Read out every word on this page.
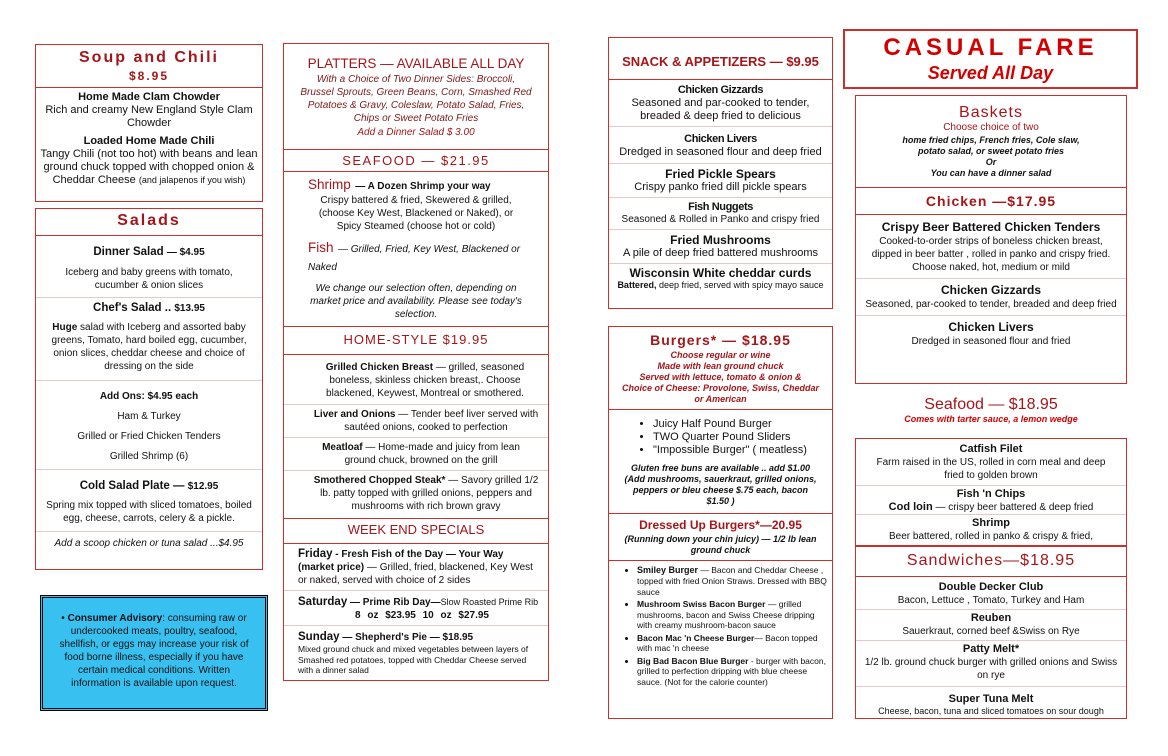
Soup and Chili
$8.95
Home Made Clam Chowder
Rich and creamy New England Style Clam Chowder
Loaded Home Made Chili
Tangy Chili (not too hot) with beans and lean ground chuck topped with chopped onion & Cheddar Cheese (and jalapenos if you wish)
Salads
Dinner Salad — $4.95
Iceberg and baby greens with tomato, cucumber & onion slices
Chef's Salad .. $13.95
Huge salad with Iceberg and assorted baby greens, Tomato, hard boiled egg, cucumber, onion slices, cheddar cheese and choice of dressing on the side
Add Ons: $4.95 each
Ham & Turkey
Grilled or Fried Chicken Tenders
Grilled Shrimp (6)
Cold Salad Plate — $12.95
Spring mix topped with sliced tomatoes, boiled egg, cheese, carrots, celery & a pickle.
Add a scoop chicken or tuna salad ...$4.95
• Consumer Advisory: consuming raw or undercooked meats, poultry, seafood, shellfish, or eggs may increase your risk of food borne illness, especially if you have certain medical conditions. Written information is available upon request.
PLATTERS — AVAILABLE ALL DAY
With a Choice of Two Dinner Sides: Broccoli, Brussel Sprouts, Green Beans, Corn, Smashed Red Potatoes & Gravy, Coleslaw, Potato Salad, Fries, Chips or Sweet Potato Fries
Add a Dinner Salad $ 3.00
SEAFOOD — $21.95
Shrimp — A Dozen Shrimp your way
Crispy battered & fried, Skewered & grilled, (choose Key West, Blackened or Naked), or Spicy Steamed (choose hot or cold)
Fish — Grilled, Fried, Key West, Blackened or Naked
We change our selection often, depending on market price and availability. Please see today's selection.
HOME-STYLE $19.95
Grilled Chicken Breast — grilled, seasoned boneless, skinless chicken breast,. Choose blackened, Keywest, Montreal or smothered.
Liver and Onions — Tender beef liver served with sautéed onions, cooked to perfection
Meatloaf — Home-made and juicy from lean ground chuck, browned on the grill
Smothered Chopped Steak* — Savory grilled 1/2 lb. patty topped with grilled onions, peppers and mushrooms with rich brown gravy
WEEK END SPECIALS
Friday - Fresh Fish of the Day — Your Way (market price) — Grilled, fried, blackened, Key West or naked, served with choice of 2 sides
Saturday — Prime Rib Day—Slow Roasted Prime Rib
8 oz $23.95 10 oz $27.95
Sunday — Shepherd's Pie — $18.95
Mixed ground chuck and mixed vegetables between layers of Smashed red potatoes, topped with Cheddar Cheese served with a dinner salad
SNACK & APPETIZERS — $9.95
Chicken Gizzards
Seasoned and par-cooked to tender, breaded & deep fried to delicious
Chicken Livers
Dredged in seasoned flour and deep fried
Fried Pickle Spears
Crispy panko fried dill pickle spears
Fish Nuggets
Seasoned & Rolled in Panko and crispy fried
Fried Mushrooms
A pile of deep fried battered mushrooms
Wisconsin White cheddar curds
Battered, deep fried, served with spicy mayo sauce
Burgers* — $18.95
Choose regular or wine
Made with lean ground chuck
Served with lettuce, tomato & onion &
Choice of Cheese: Provolone, Swiss, Cheddar or American
• Juicy Half Pound Burger
• TWO Quarter Pound Sliders
• "Impossible Burger" ( meatless)
Gluten free buns are available .. add $1.00 (Add mushrooms, sauerkraut, grilled onions, peppers or bleu cheese $.75 each, bacon $1.50 )
Dressed Up Burgers*—20.95
(Running down your chin juicy) — 1/2 lb lean ground chuck
• Smiley Burger — Bacon and Cheddar Cheese , topped with fried Onion Straws. Dressed with BBQ sauce
• Mushroom Swiss Bacon Burger — grilled mushrooms, bacon and Swiss Cheese dripping with creamy mushroom-bacon sauce
• Bacon Mac 'n Cheese Burger— Bacon topped with mac 'n cheese
• Big Bad Bacon Blue Burger - burger with bacon, grilled to perfection dripping with blue cheese sauce. (Not for the calorie counter)
CASUAL FARE
Served All Day
Baskets
Choose choice of two
home fried chips, French fries, Cole slaw, potato salad, or sweet potato fries
Or
You can have a dinner salad
Chicken —$17.95
Crispy Beer Battered Chicken Tenders
Cooked-to-order strips of boneless chicken breast, dipped in beer batter , rolled in panko and crispy fried. Choose naked, hot, medium or mild
Chicken Gizzards
Seasoned, par-cooked to tender, breaded and deep fried
Chicken Livers
Dredged in seasoned flour and fried
Seafood — $18.95
Comes with tarter sauce, a lemon wedge
Catfish Filet
Farm raised in the US, rolled in corn meal and deep fried to golden brown
Fish 'n Chips
Cod loin — crispy beer battered & deep fried
Shrimp
Beer battered, rolled in panko & crispy & fried,
Sandwiches—$18.95
Double Decker Club
Bacon, Lettuce , Tomato, Turkey and Ham
Reuben
Sauerkraut, corned beef &Swiss on Rye
Patty Melt*
1/2 lb. ground chuck burger with grilled onions and Swiss on rye
Super Tuna Melt
Cheese, bacon, tuna and sliced tomatoes on sour dough
